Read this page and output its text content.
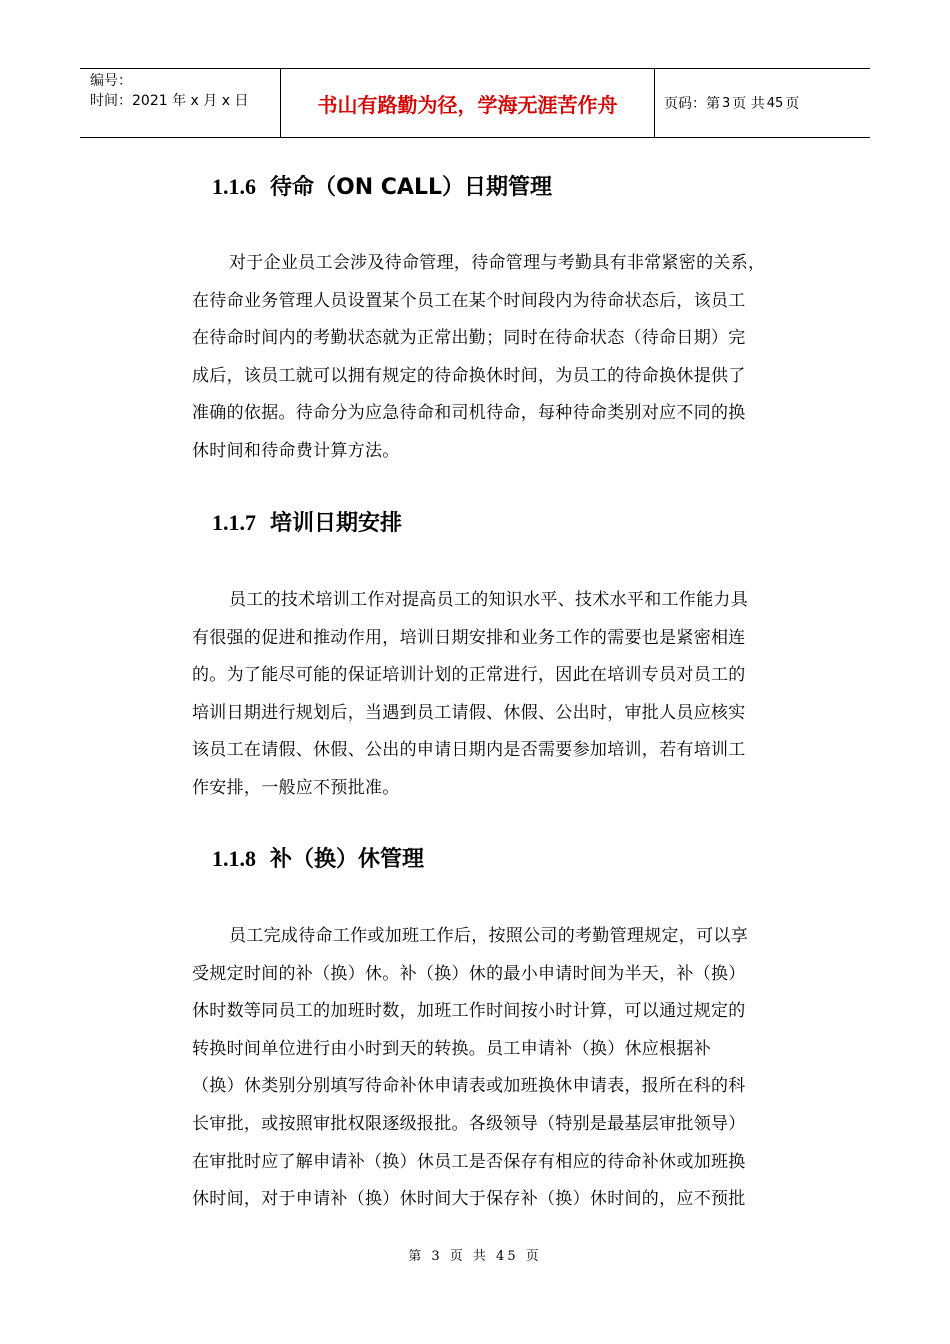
编号：
时间：2021 年 x 月 x 日	书山有路勤为径，学海无涯苦作舟	页码：第 3 页 共 45 页
1.1.6 待命（ON CALL）日期管理
对于企业员工会涉及待命管理，待命管理与考勤具有非常紧密的关系，
在待命业务管理人员设置某个员工在某个时间段内为待命状态后，该员工
在待命时间内的考勤状态就为正常出勤；同时在待命状态（待命日期）完
成后，该员工就可以拥有规定的待命换休时间，为员工的待命换休提供了
准确的依据。待命分为应急待命和司机待命，每种待命类别对应不同的换
休时间和待命费计算方法。
1.1.7 培训日期安排
员工的技术培训工作对提高员工的知识水平、技术水平和工作能力具
有很强的促进和推动作用，培训日期安排和业务工作的需要也是紧密相连
的。为了能尽可能的保证培训计划的正常进行，因此在培训专员对员工的
培训日期进行规划后，当遇到员工请假、休假、公出时，审批人员应核实
该员工在请假、休假、公出的申请日期内是否需要参加培训，若有培训工
作安排，一般应不预批准。
1.1.8 补（换）休管理
员工完成待命工作或加班工作后，按照公司的考勤管理规定，可以享
受规定时间的补（换）休。补（换）休的最小申请时间为半天，补（换）
休时数等同员工的加班时数，加班工作时间按小时计算，可以通过规定的
转换时间单位进行由小时到天的转换。员工申请补（换）休应根据补
（换）休类别分别填写待命补休申请表或加班换休申请表，报所在科的科
长审批，或按照审批权限逐级报批。各级领导（特别是最基层审批领导）
在审批时应了解申请补（换）休员工是否保存有相应的待命补休或加班换
休时间，对于申请补（换）休时间大于保存补（换）休时间的，应不预批
第 3 页 共 45 页
